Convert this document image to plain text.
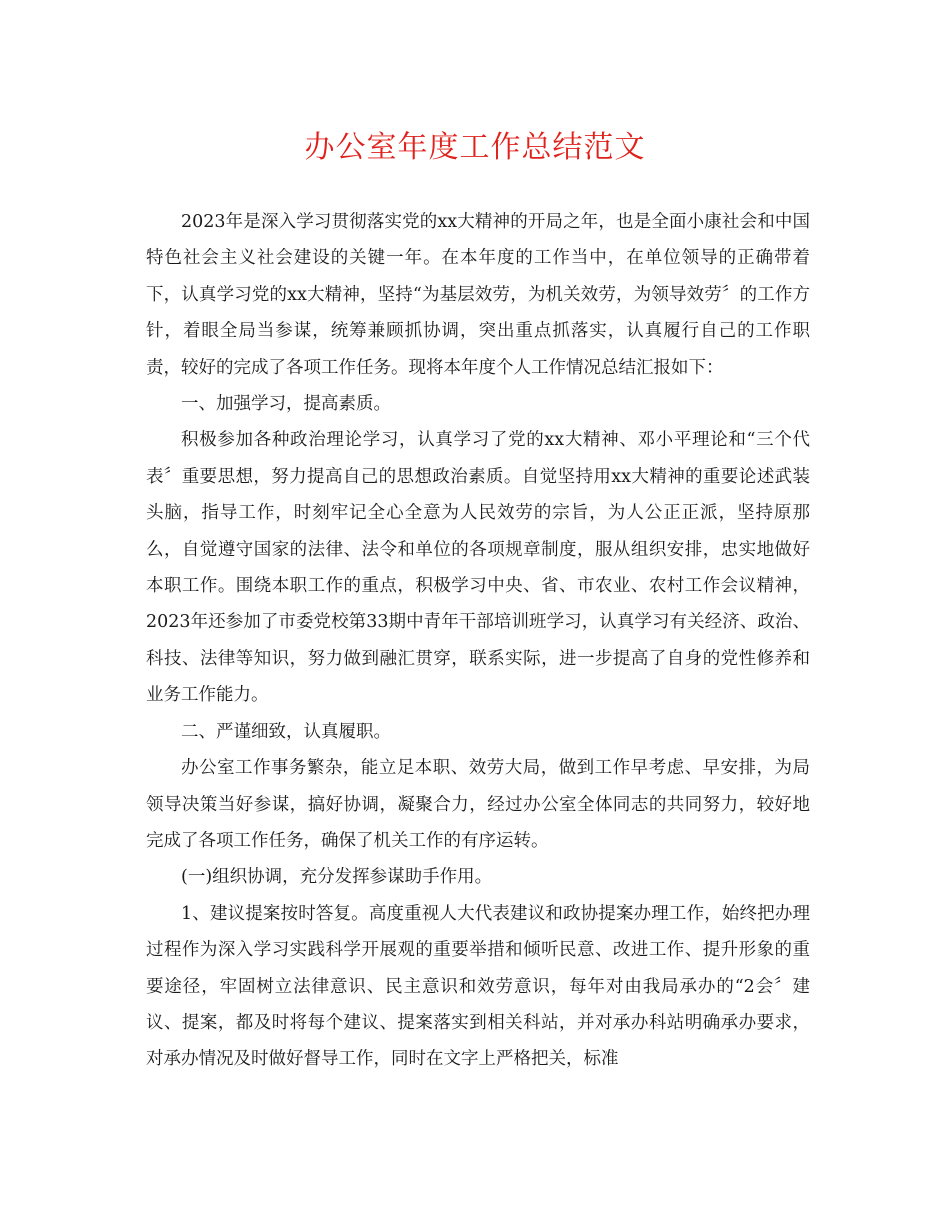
办公室年度工作总结范文

2023年是深入学习贯彻落实党的xx大精神的开局之年，也是全面小康社会和中国特色社会主义社会建设的关键一年。在本年度的工作当中，在单位领导的正确带着下，认真学习党的xx大精神，坚持“为基层效劳，为机关效劳，为领导效劳〞的工作方针，着眼全局当参谋，统筹兼顾抓协调，突出重点抓落实，认真履行自己的工作职责，较好的完成了各项工作任务。现将本年度个人工作情况总结汇报如下：

一、加强学习，提高素质。

积极参加各种政治理论学习，认真学习了党的xx大精神、邓小平理论和“三个代表〞重要思想，努力提高自己的思想政治素质。自觉坚持用xx大精神的重要论述武装头脑，指导工作，时刻牢记全心全意为人民效劳的宗旨，为人公正正派，坚持原那么，自觉遵守国家的法律、法令和单位的各项规章制度，服从组织安排，忠实地做好本职工作。围绕本职工作的重点，积极学习中央、省、市农业、农村工作会议精神，2023年还参加了市委党校第33期中青年干部培训班学习，认真学习有关经济、政治、科技、法律等知识，努力做到融汇贯穿，联系实际，进一步提高了自身的党性修养和业务工作能力。

二、严谨细致，认真履职。

办公室工作事务繁杂，能立足本职、效劳大局，做到工作早考虑、早安排，为局领导决策当好参谋，搞好协调，凝聚合力，经过办公室全体同志的共同努力，较好地完成了各项工作任务，确保了机关工作的有序运转。

(一)组织协调，充分发挥参谋助手作用。

1、建议提案按时答复。高度重视人大代表建议和政协提案办理工作，始终把办理过程作为深入学习实践科学开展观的重要举措和倾听民意、改进工作、提升形象的重要途径，牢固树立法律意识、民主意识和效劳意识，每年对由我局承办的“2会〞建议、提案，都及时将每个建议、提案落实到相关科站，并对承办科站明确承办要求，对承办情况及时做好督导工作，同时在文字上严格把关，标准
